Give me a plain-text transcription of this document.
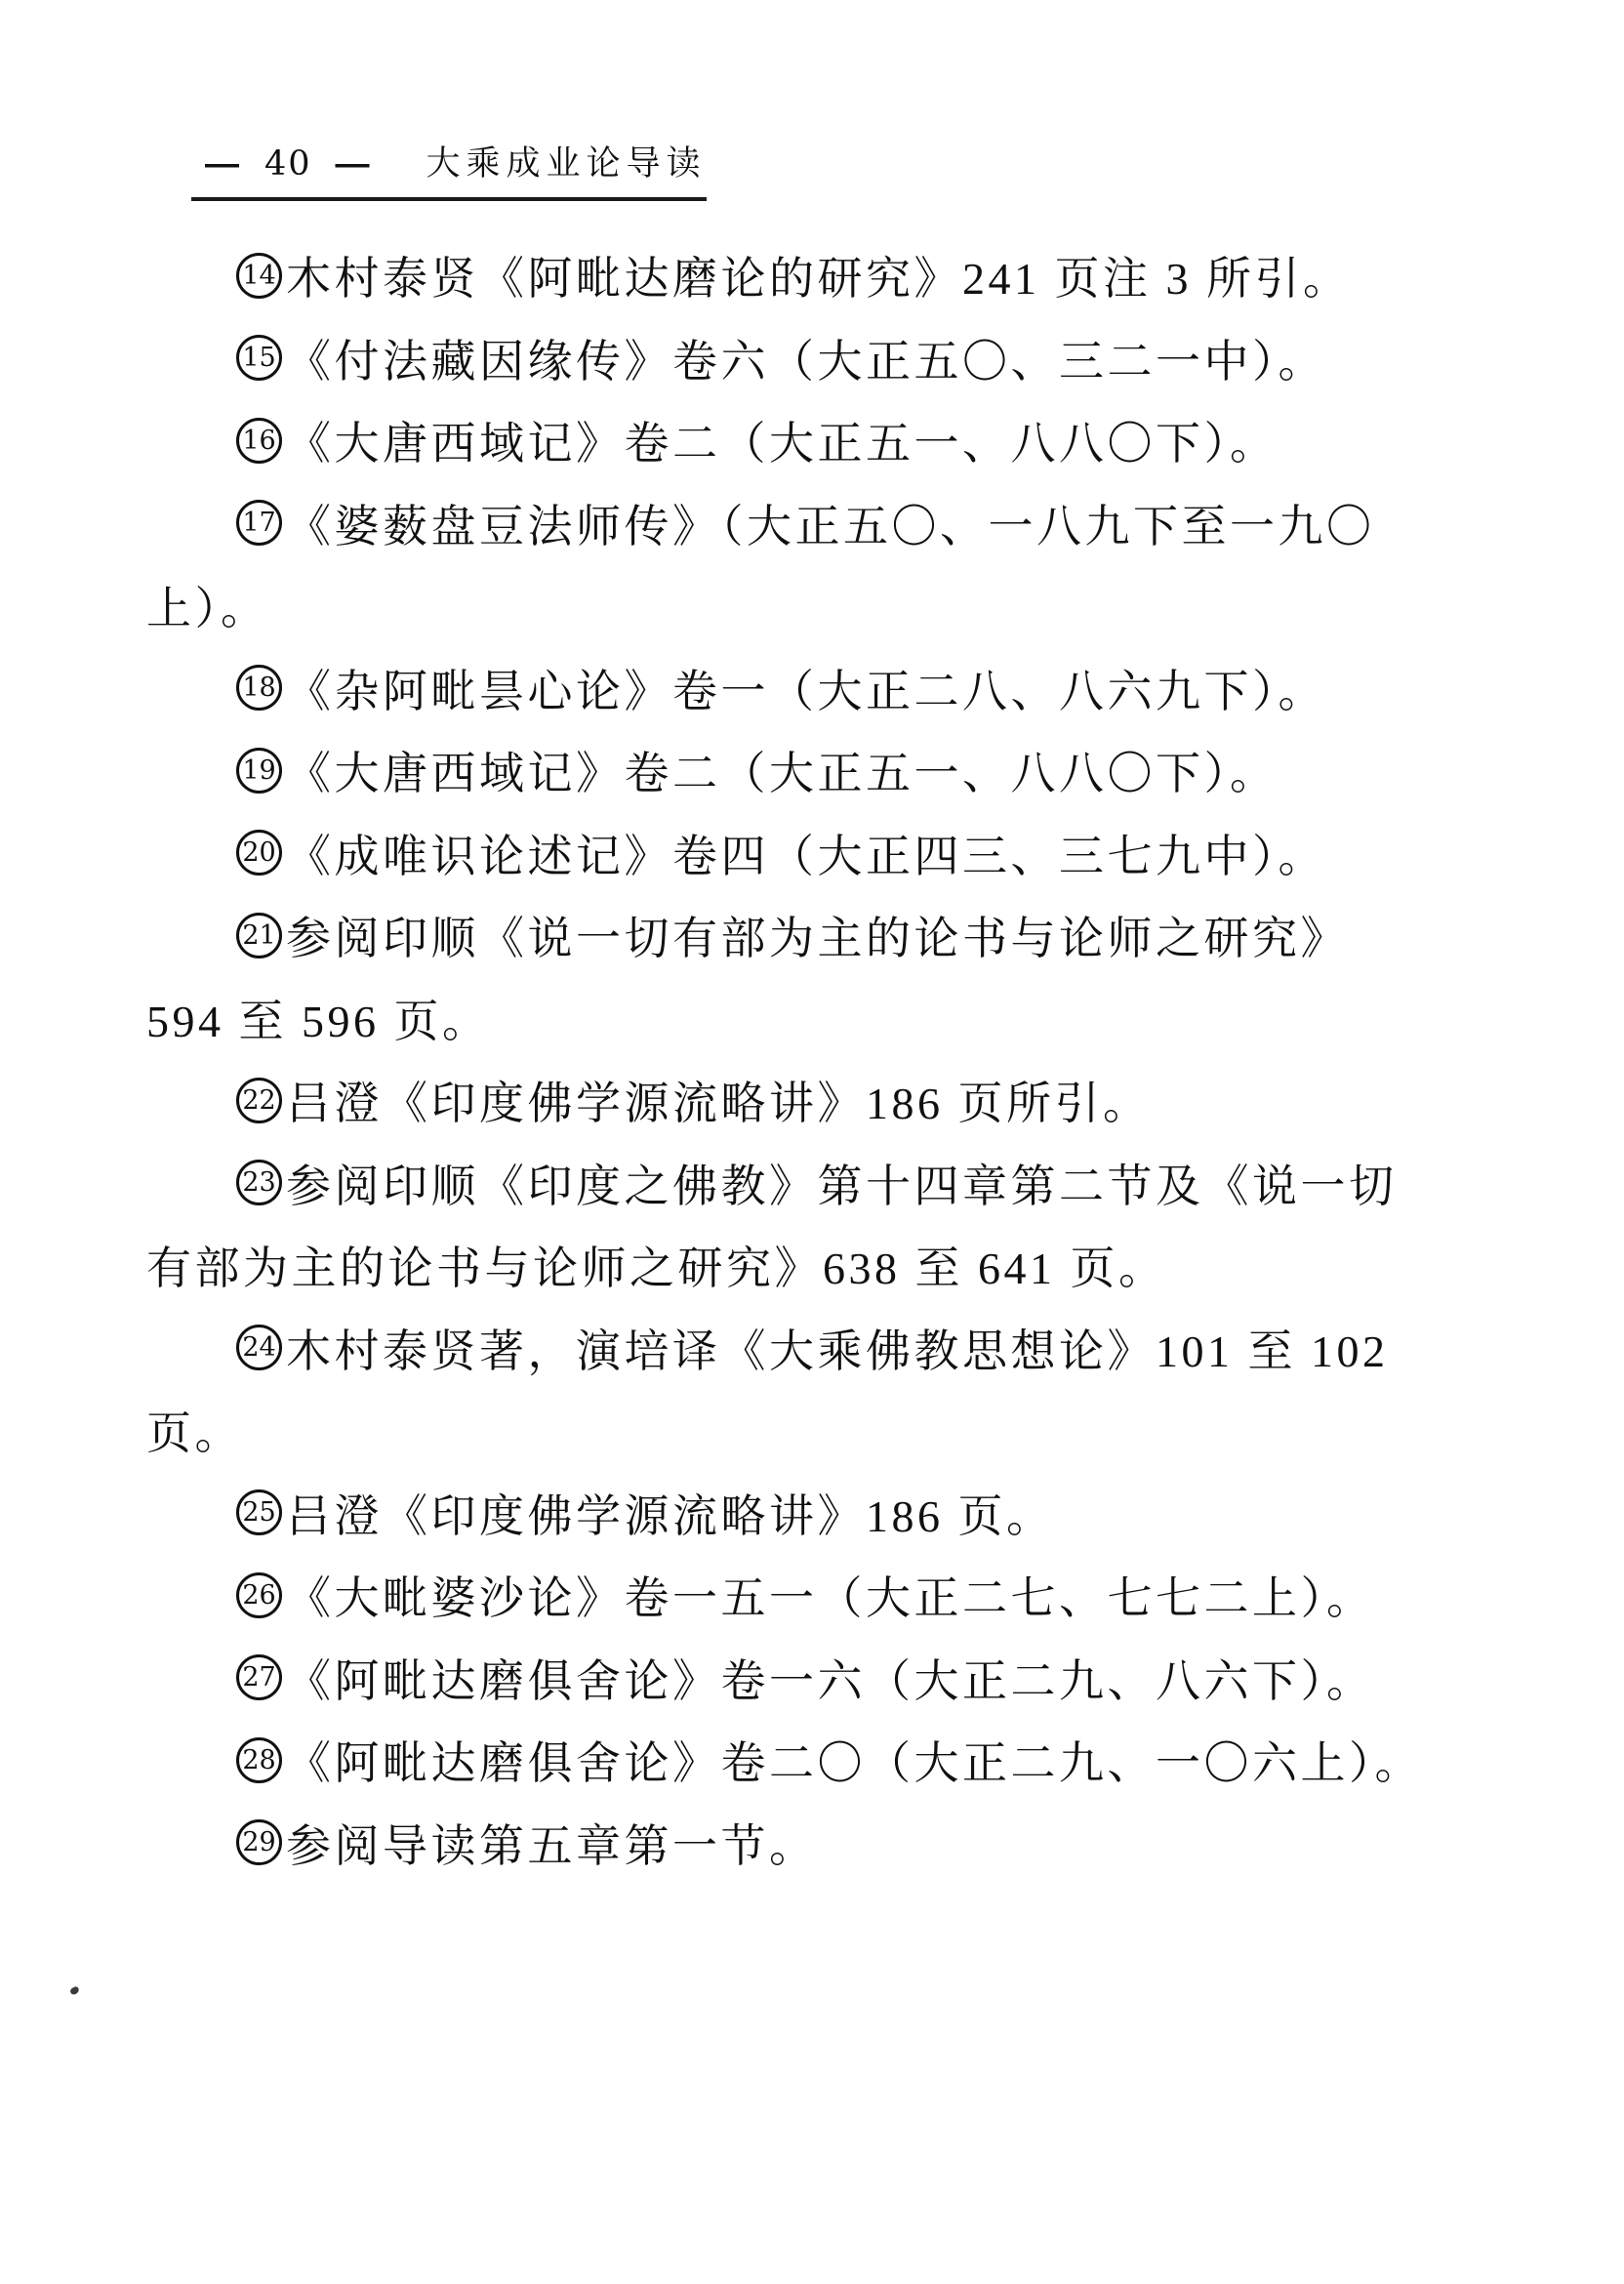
— 40 — 大乘成业论导读
14 木村泰贤《阿毗达磨论的研究》241 页注 3 所引。
15 《付法藏因缘传》卷六（大正五〇、三二一中）。
16 《大唐西域记》卷二（大正五一、八八〇下）。
17 《婆薮盘豆法师传》（大正五〇、一八九下至一九〇
上）。
18 《杂阿毗昙心论》卷一（大正二八、八六九下）。
19 《大唐西域记》卷二（大正五一、八八〇下）。
20 《成唯识论述记》卷四（大正四三、三七九中）。
21 参阅印顺《说一切有部为主的论书与论师之研究》
594 至 596 页。
22 吕澄《印度佛学源流略讲》186 页所引。
23 参阅印顺《印度之佛教》第十四章第二节及《说一切
有部为主的论书与论师之研究》638 至 641 页。
24 木村泰贤著，演培译《大乘佛教思想论》101 至 102
页。
25 吕澄《印度佛学源流略讲》186 页。
26 《大毗婆沙论》卷一五一（大正二七、七七二上）。
27 《阿毗达磨俱舍论》卷一六（大正二九、八六下）。
28 《阿毗达磨俱舍论》卷二〇（大正二九、一〇六上）。
29 参阅导读第五章第一节。
